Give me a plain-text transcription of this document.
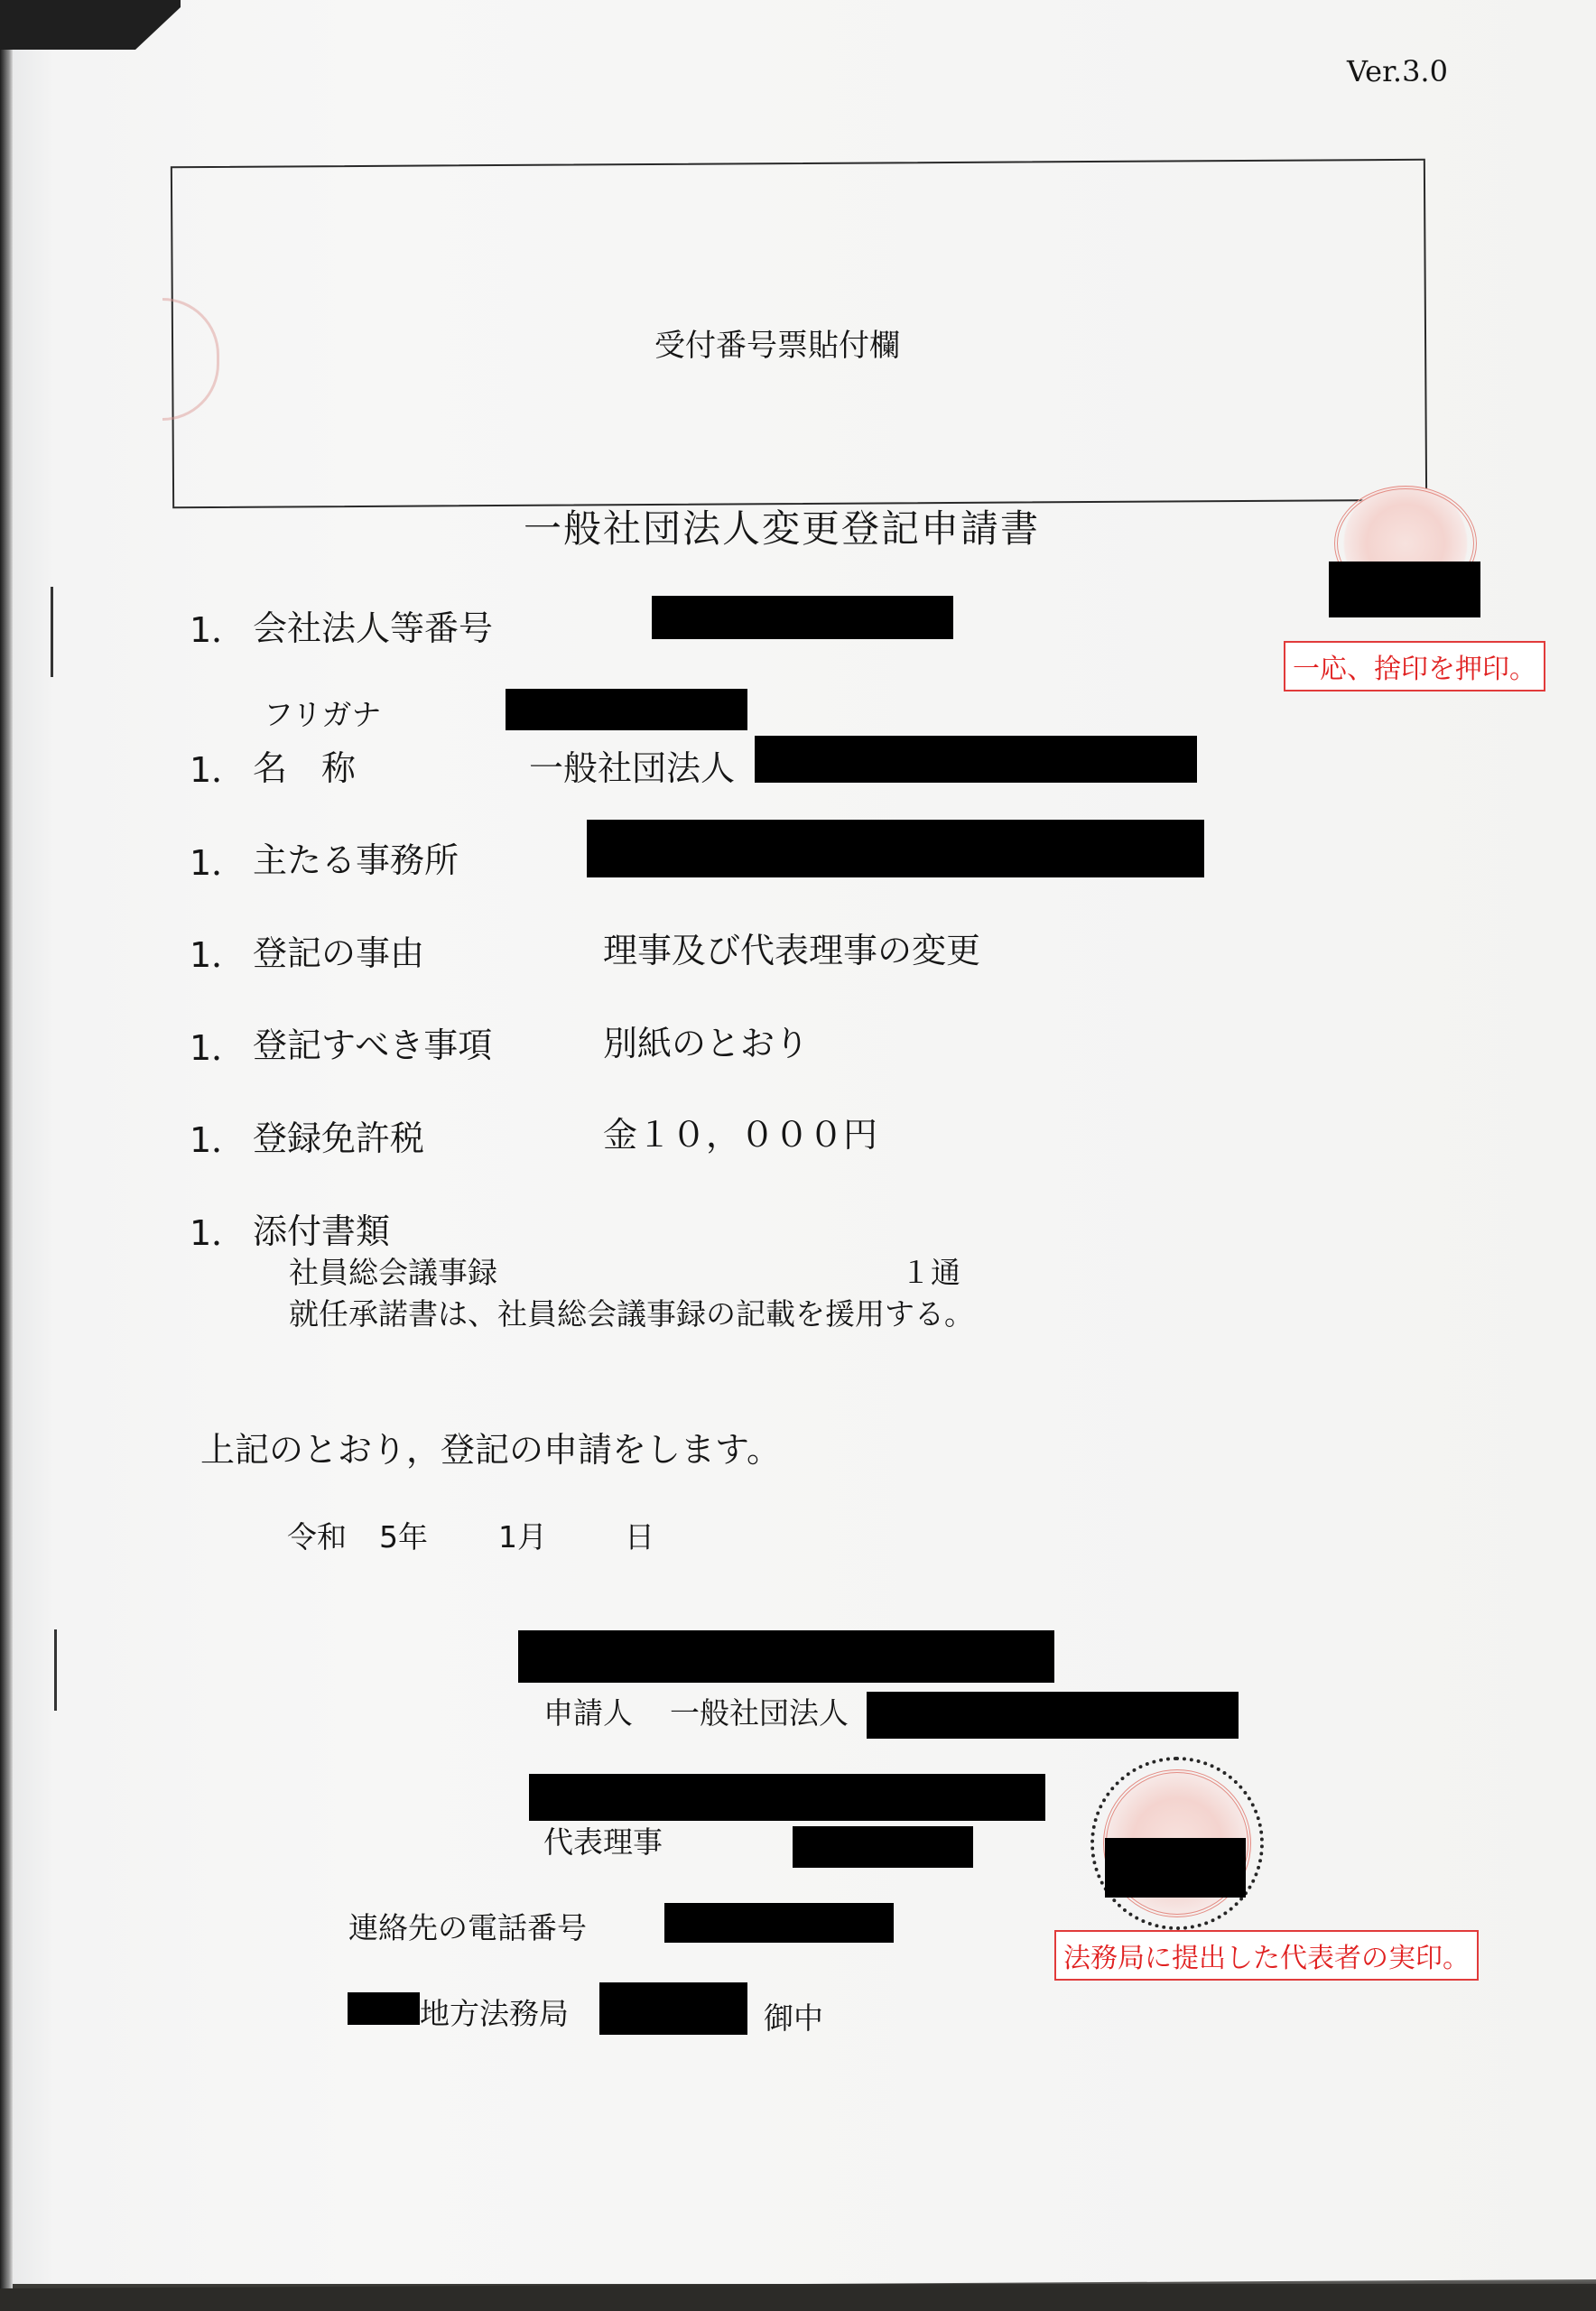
Ver.3.0
受付番号票貼付欄
一般社団法人変更登記申請書
一応、捨印を押印。
1． 会社法人等番号
フリガナ
1． 名　称	一般社団法人
1． 主たる事務所
1． 登記の事由	理事及び代表理事の変更
1． 登記すべき事項	別紙のとおり
1． 登録免許税	金１０，０００円
1． 添付書類
社員総会議事録	１通
就任承諾書は、社員総会議事録の記載を援用する。
上記のとおり，登記の申請をします。
令和 5年 1月	日
申請人 一般社団法人
代表理事
法務局に提出した代表者の実印。
連絡先の電話番号
地方法務局	御中
